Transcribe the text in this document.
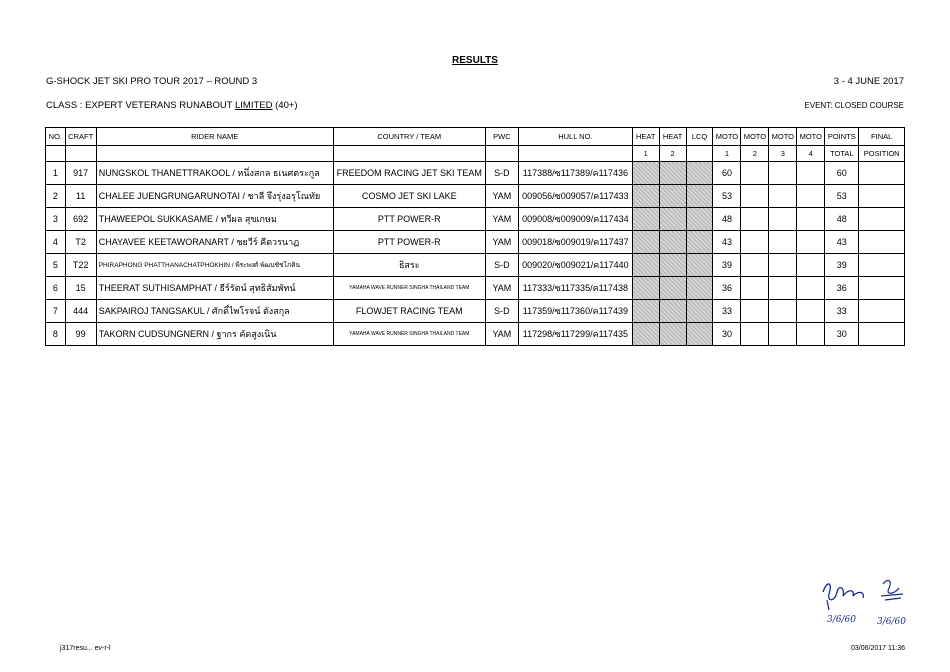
RESULTS
G-SHOCK JET SKI PRO TOUR 2017 – ROUND 3	3 - 4 JUNE 2017
CLASS : EXPERT VETERANS RUNABOUT LIMITED (40+)	EVENT: CLOSED COURSE
NO.	CRAFT	RIDER NAME	COUNTRY / TEAM	PWC	HULL NO.	HEAT	HEAT	LCQ	MOTO	MOTO	MOTO	MOTO	POINTS	FINAL
						1	2		1	2	3	4	TOTAL	POSITION
1	917	NUNGSKOL THANETTRAKOOL / หนึ่งสกล ธเนศตระกูล	FREEDOM RACING JET SKI TEAM	S-D	117388/ซ117389/ค117436				60				60	
2	11	CHALEE JUENGRUNGARUNOTAI / ชาลี จึงรุ่งอรุโณทัย	COSMO JET SKI LAKE	YAM	009056/ซ009057/ค117433				53				53	
3	692	THAWEEPOL SUKKASAME / ทวีผล สุขเกษม	PTT POWER-R	YAM	009008/ซ009009/ค117434				48				48	
4	T2	CHAYAVEE KEETAWORANART / ชยวีร์ คีตวรนาฏ	PTT POWER-R	YAM	009018/ซ009019/ค117437				43				43	
5	T22	PHIRAPHONG PHATTHANACHATPHOKHIN / พีระพงศ์ พัฒนชัชโภคิน	ธิสระ	S-D	009020/ซ009021/ค117440				39				39	
6	15	THEERAT SUTHISAMPHAT / ธีร์รัตน์ สุทธิสัมพัทน์	YAMAHA WAVE RUNNER SINGHA THAILAND TEAM	YAM	117333/ซ117335/ค117438				36				36	
7	444	SAKPAIROJ TANGSAKUL / ศักดิ์ไพโรจน์ ตังสกุล	FLOWJET RACING TEAM	S-D	117359/ซ117360/ค117439				33				33	
8	99	TAKORN CUDSUNGNERN / ฐากร คัดสูงเนิน	YAMAHA WAVE RUNNER SINGHA THAILAND TEAM	YAM	117298/ซ117299/ค117435				30				30	
3/6/60 3/6/60
j317resu... ev-r-l	03/06/2017 11:36
